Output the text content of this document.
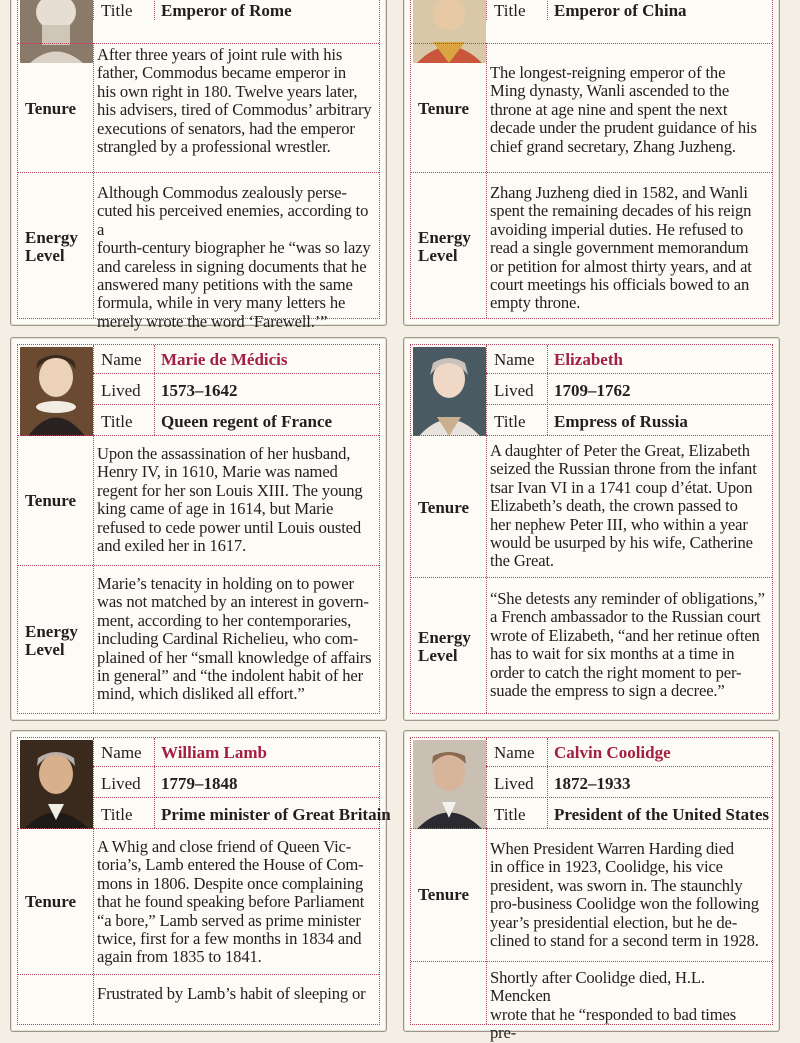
Title Emperor of Rome
Tenure
After three years of joint rule with his
father, Commodus became emperor in
his own right in 180. Twelve years later,
his advisers, tired of Commodus’ arbitrary
executions of senators, had the emperor
strangled by a professional wrestler.
Energy
Level
Although Commodus zealously perse-
cuted his perceived enemies, according to a
fourth-century biographer he “was so lazy
and careless in signing documents that he
answered many petitions with the same
formula, while in very many letters he
merely wrote the word ‘Farewell.’”
Title Emperor of China
Tenure
The longest-reigning emperor of the
Ming dynasty, Wanli ascended to the
throne at age nine and spent the next
decade under the prudent guidance of his
chief grand secretary, Zhang Juzheng.
Energy
Level
Zhang Juzheng died in 1582, and Wanli
spent the remaining decades of his reign
avoiding imperial duties. He refused to
read a single government memorandum
or petition for almost thirty years, and at
court meetings his officials bowed to an
empty throne.
Name Marie de Médicis
Lived 1573–1642
Title Queen regent of France
Tenure
Upon the assassination of her husband,
Henry IV, in 1610, Marie was named
regent for her son Louis XIII. The young
king came of age in 1614, but Marie
refused to cede power until Louis ousted
and exiled her in 1617.
Energy
Level
Marie’s tenacity in holding on to power
was not matched by an interest in govern-
ment, according to her contemporaries,
including Cardinal Richelieu, who com-
plained of her “small knowledge of affairs
in general” and “the indolent habit of her
mind, which disliked all effort.”
Name Elizabeth
Lived 1709–1762
Title Empress of Russia
Tenure
A daughter of Peter the Great, Elizabeth
seized the Russian throne from the infant
tsar Ivan VI in a 1741 coup d’état. Upon
Elizabeth’s death, the crown passed to
her nephew Peter III, who within a year
would be usurped by his wife, Catherine
the Great.
Energy
Level
“She detests any reminder of obligations,”
a French ambassador to the Russian court
wrote of Elizabeth, “and her retinue often
has to wait for six months at a time in
order to catch the right moment to per-
suade the empress to sign a decree.”
Name William Lamb
Lived 1779–1848
Title Prime minister of Great Britain
Tenure
A Whig and close friend of Queen Vic-
toria’s, Lamb entered the House of Com-
mons in 1806. Despite once complaining
that he found speaking before Parliament
“a bore,” Lamb served as prime minister
twice, first for a few months in 1834 and
again from 1835 to 1841.
Frustrated by Lamb’s habit of sleeping or
Name Calvin Coolidge
Lived 1872–1933
Title President of the United States
Tenure
When President Warren Harding died
in office in 1923, Coolidge, his vice
president, was sworn in. The staunchly
pro-business Coolidge won the following
year’s presidential election, but he de-
clined to stand for a second term in 1928.
Shortly after Coolidge died, H.L. Mencken
wrote that he “responded to bad times pre-
